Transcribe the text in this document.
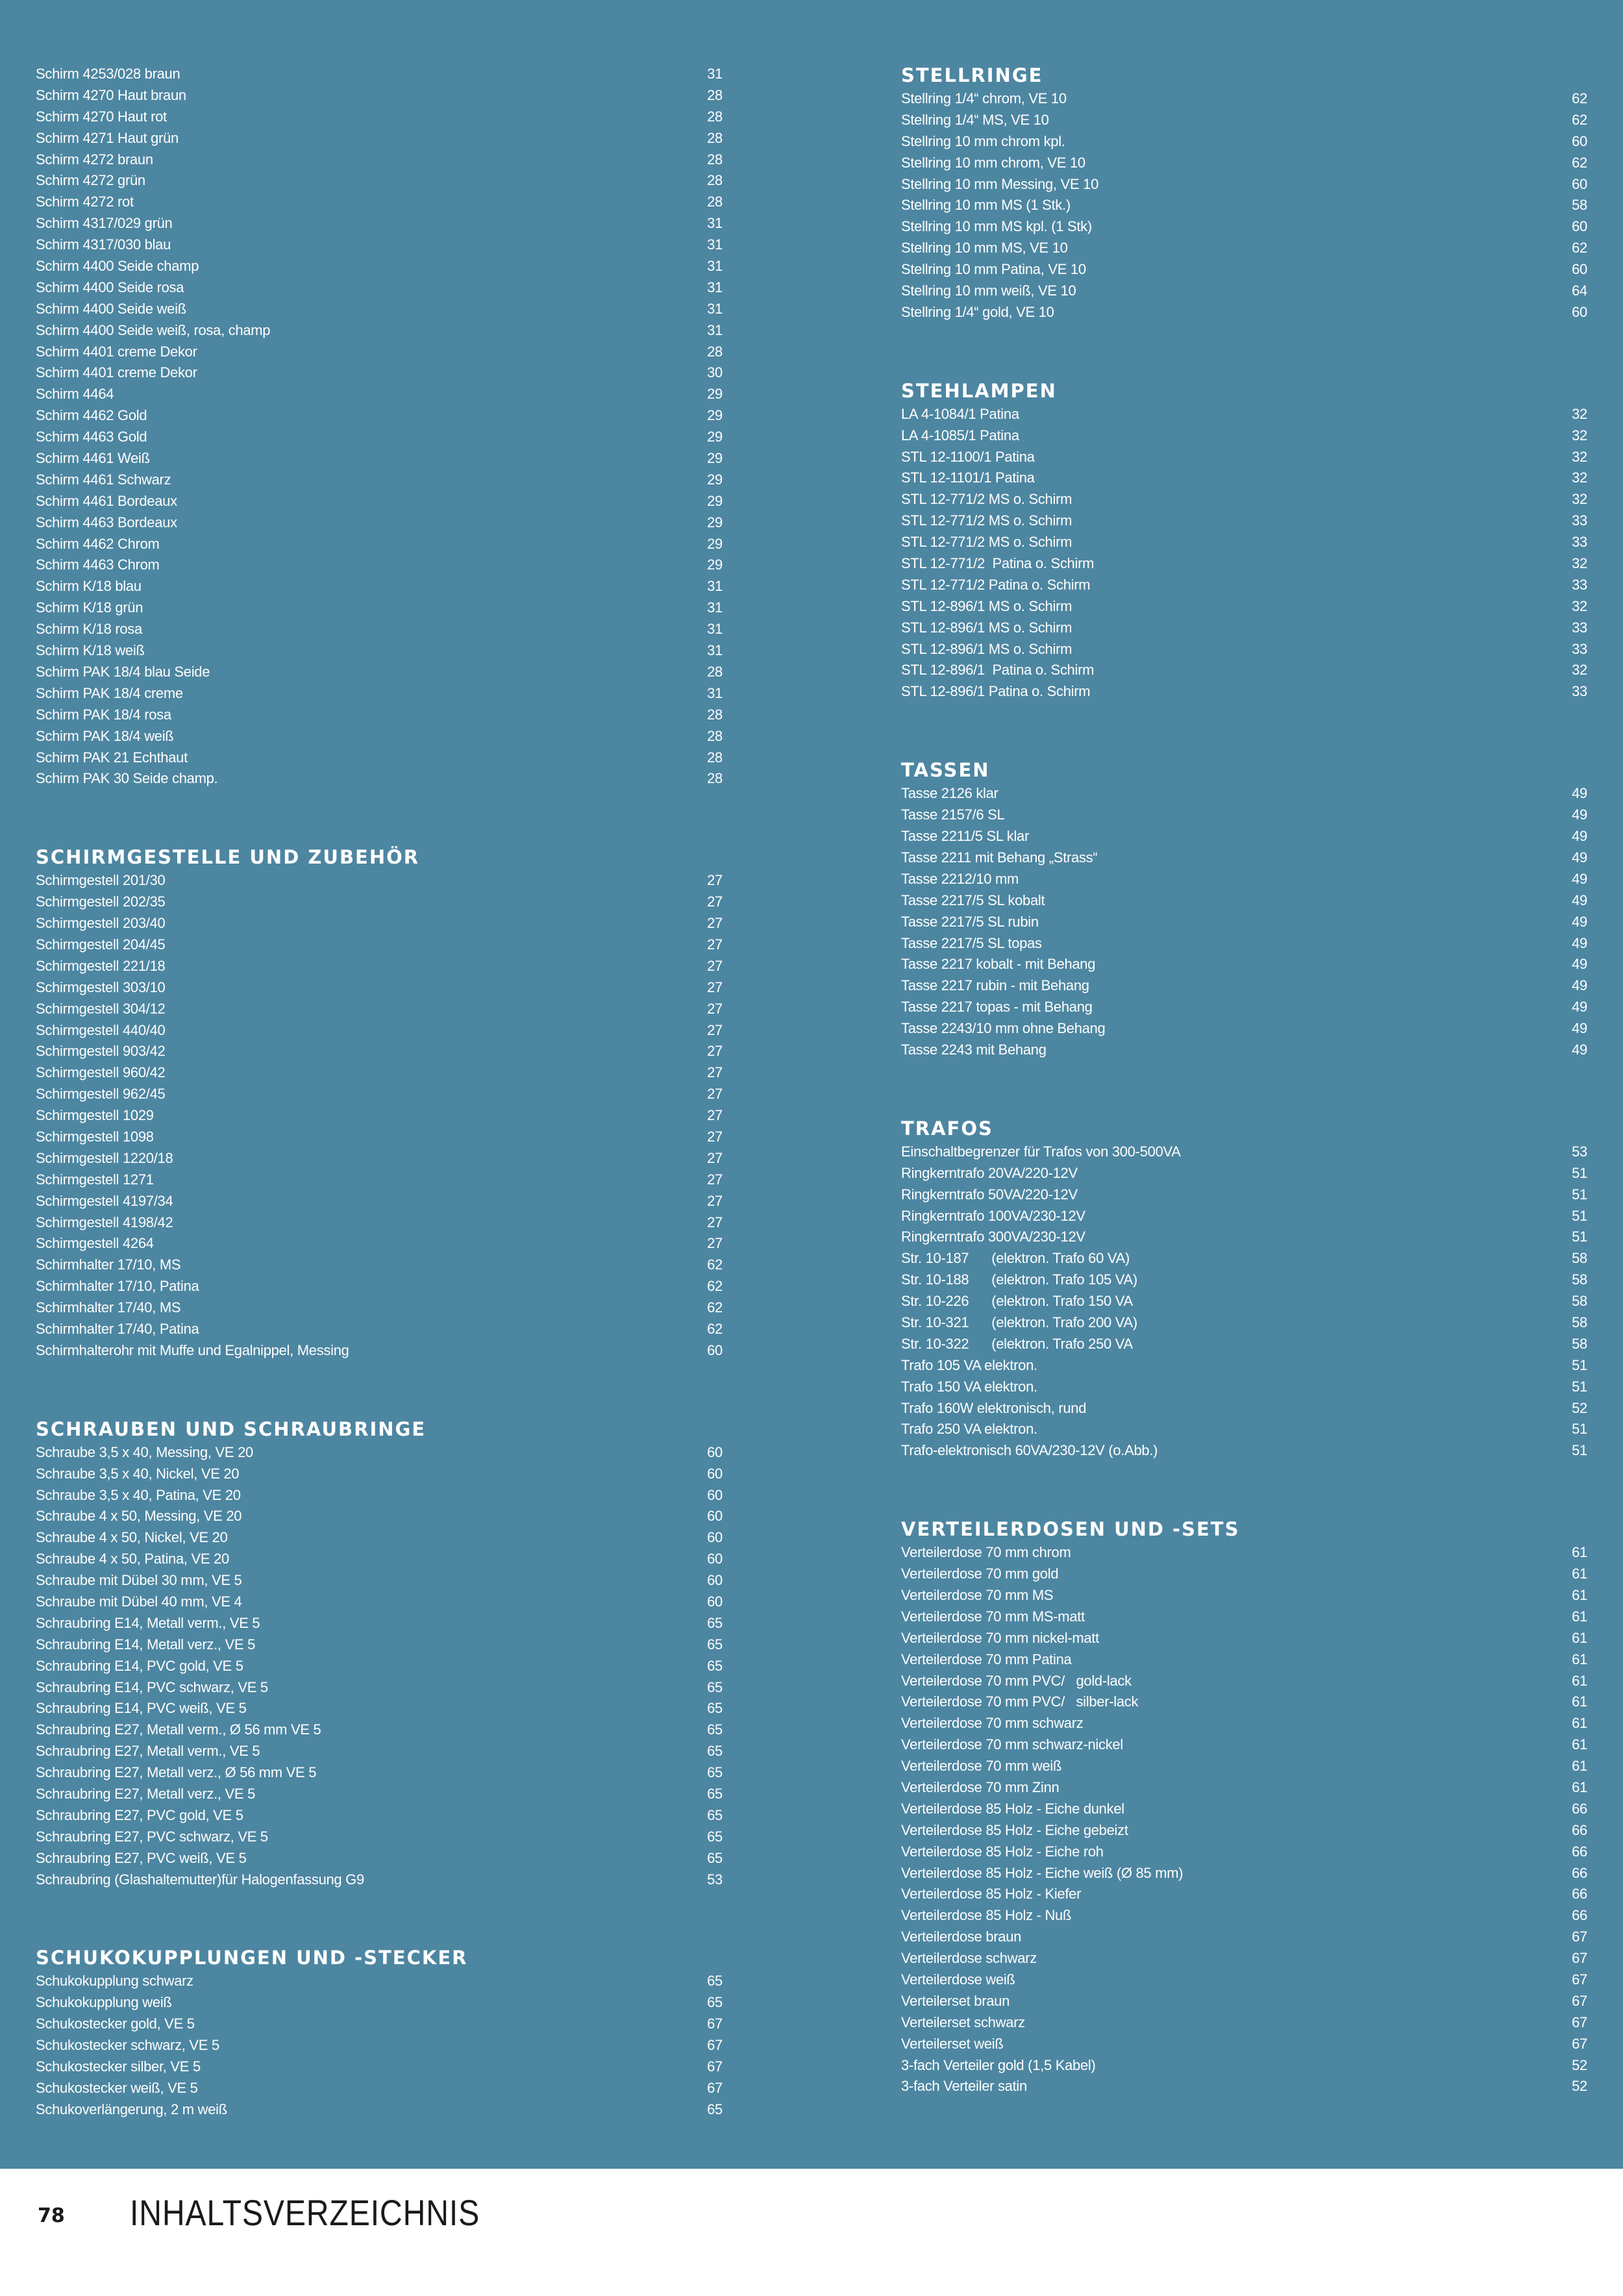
Schirm 4253/028 braun	31
Schirm 4270 Haut braun	28
Schirm 4270 Haut rot	28
Schirm 4271 Haut grün	28
Schirm 4272 braun	28
Schirm 4272 grün	28
Schirm 4272 rot	28
Schirm 4317/029 grün	31
Schirm 4317/030 blau	31
Schirm 4400 Seide champ	31
Schirm 4400 Seide rosa	31
Schirm 4400 Seide weiß	31
Schirm 4400 Seide weiß, rosa, champ	31
Schirm 4401 creme Dekor	28
Schirm 4401 creme Dekor	30
Schirm 4464	29
Schirm 4462 Gold	29
Schirm 4463 Gold	29
Schirm 4461 Weiß	29
Schirm 4461 Schwarz	29
Schirm 4461 Bordeaux	29
Schirm 4463 Bordeaux	29
Schirm 4462 Chrom	29
Schirm 4463 Chrom	29
Schirm K/18 blau	31
Schirm K/18 grün	31
Schirm K/18 rosa	31
Schirm K/18 weiß	31
Schirm PAK 18/4 blau Seide	28
Schirm PAK 18/4 creme	31
Schirm PAK 18/4 rosa	28
Schirm PAK 18/4 weiß	28
Schirm PAK 21 Echthaut	28
Schirm PAK 30 Seide champ.	28
SCHIRMGESTELLE UND ZUBEHÖR
Schirmgestell 201/30	27
Schirmgestell 202/35	27
Schirmgestell 203/40	27
Schirmgestell 204/45	27
Schirmgestell 221/18	27
Schirmgestell 303/10	27
Schirmgestell 304/12	27
Schirmgestell 440/40	27
Schirmgestell 903/42	27
Schirmgestell 960/42	27
Schirmgestell 962/45	27
Schirmgestell 1029	27
Schirmgestell 1098	27
Schirmgestell 1220/18	27
Schirmgestell 1271	27
Schirmgestell 4197/34	27
Schirmgestell 4198/42	27
Schirmgestell 4264	27
Schirmhalter 17/10, MS	62
Schirmhalter 17/10, Patina	62
Schirmhalter 17/40, MS	62
Schirmhalter 17/40, Patina	62
Schirmhalterohr mit Muffe und Egalnippel, Messing	60
SCHRAUBEN UND SCHRAUBRINGE
Schraube 3,5 x 40, Messing, VE 20	60
Schraube 3,5 x 40, Nickel, VE 20	60
Schraube 3,5 x 40, Patina, VE 20	60
Schraube 4 x 50, Messing, VE 20	60
Schraube 4 x 50, Nickel, VE 20	60
Schraube 4 x 50, Patina, VE 20	60
Schraube mit Dübel 30 mm, VE 5	60
Schraube mit Dübel 40 mm, VE 4	60
Schraubring E14, Metall verm., VE 5	65
Schraubring E14, Metall verz., VE 5	65
Schraubring E14, PVC gold, VE 5	65
Schraubring E14, PVC schwarz, VE 5	65
Schraubring E14, PVC weiß, VE 5	65
Schraubring E27, Metall verm., Ø 56 mm VE 5	65
Schraubring E27, Metall verm., VE 5	65
Schraubring E27, Metall verz., Ø 56 mm VE 5	65
Schraubring E27, Metall verz., VE 5	65
Schraubring E27, PVC gold, VE 5	65
Schraubring E27, PVC schwarz, VE 5	65
Schraubring E27, PVC weiß, VE 5	65
Schraubring (Glashaltemutter)für Halogenfassung G9	53
SCHUKOKUPPLUNGEN UND -STECKER
Schukokupplung schwarz	65
Schukokupplung weiß	65
Schukostecker gold, VE 5	67
Schukostecker schwarz, VE 5	67
Schukostecker silber, VE 5	67
Schukostecker weiß, VE 5	67
Schukoverlängerung, 2 m weiß	65
STELLRINGE
Stellring 1/4“ chrom, VE 10	62
Stellring 1/4“ MS, VE 10	62
Stellring 10 mm chrom kpl.	60
Stellring 10 mm chrom, VE 10	62
Stellring 10 mm Messing, VE 10	60
Stellring 10 mm MS (1 Stk.)	58
Stellring 10 mm MS kpl. (1 Stk)	60
Stellring 10 mm MS, VE 10	62
Stellring 10 mm Patina, VE 10	60
Stellring 10 mm weiß, VE 10	64
Stellring 1/4“ gold, VE 10	60
STEHLAMPEN
LA 4-1084/1 Patina	32
LA 4-1085/1 Patina	32
STL 12-1100/1 Patina	32
STL 12-1101/1 Patina	32
STL 12-771/2 MS o. Schirm	32
STL 12-771/2 MS o. Schirm	33
STL 12-771/2 MS o. Schirm	33
STL 12-771/2  Patina o. Schirm	32
STL 12-771/2 Patina o. Schirm	33
STL 12-896/1 MS o. Schirm	32
STL 12-896/1 MS o. Schirm	33
STL 12-896/1 MS o. Schirm	33
STL 12-896/1  Patina o. Schirm	32
STL 12-896/1 Patina o. Schirm	33
TASSEN
Tasse 2126 klar	49
Tasse 2157/6 SL	49
Tasse 2211/5 SL klar	49
Tasse 2211 mit Behang „Strass“	49
Tasse 2212/10 mm	49
Tasse 2217/5 SL kobalt	49
Tasse 2217/5 SL rubin	49
Tasse 2217/5 SL topas	49
Tasse 2217 kobalt - mit Behang	49
Tasse 2217 rubin - mit Behang	49
Tasse 2217 topas - mit Behang	49
Tasse 2243/10 mm ohne Behang	49
Tasse 2243 mit Behang	49
TRAFOS
Einschaltbegrenzer für Trafos von 300-500VA	53
Ringkerntrafo 20VA/220-12V	51
Ringkerntrafo 50VA/220-12V	51
Ringkerntrafo 100VA/230-12V	51
Ringkerntrafo 300VA/230-12V	51
Str. 10-187      (elektron. Trafo 60 VA)	58
Str. 10-188      (elektron. Trafo 105 VA)	58
Str. 10-226      (elektron. Trafo 150 VA	58
Str. 10-321      (elektron. Trafo 200 VA)	58
Str. 10-322      (elektron. Trafo 250 VA	58
Trafo 105 VA elektron.	51
Trafo 150 VA elektron.	51
Trafo 160W elektronisch, rund	52
Trafo 250 VA elektron.	51
Trafo-elektronisch 60VA/230-12V (o.Abb.)	51
VERTEILERDOSEN UND -SETS
Verteilerdose 70 mm chrom	61
Verteilerdose 70 mm gold	61
Verteilerdose 70 mm MS	61
Verteilerdose 70 mm MS-matt	61
Verteilerdose 70 mm nickel-matt	61
Verteilerdose 70 mm Patina	61
Verteilerdose 70 mm PVC/   gold-lack	61
Verteilerdose 70 mm PVC/   silber-lack	61
Verteilerdose 70 mm schwarz	61
Verteilerdose 70 mm schwarz-nickel	61
Verteilerdose 70 mm weiß	61
Verteilerdose 70 mm Zinn	61
Verteilerdose 85 Holz - Eiche dunkel	66
Verteilerdose 85 Holz - Eiche gebeizt	66
Verteilerdose 85 Holz - Eiche roh	66
Verteilerdose 85 Holz - Eiche weiß (Ø 85 mm)	66
Verteilerdose 85 Holz - Kiefer	66
Verteilerdose 85 Holz - Nuß	66
Verteilerdose braun	67
Verteilerdose schwarz	67
Verteilerdose weiß	67
Verteilerset braun	67
Verteilerset schwarz	67
Verteilerset weiß	67
3-fach Verteiler gold (1,5 Kabel)	52
3-fach Verteiler satin	52
78 INHALTSVERZEICHNIS
